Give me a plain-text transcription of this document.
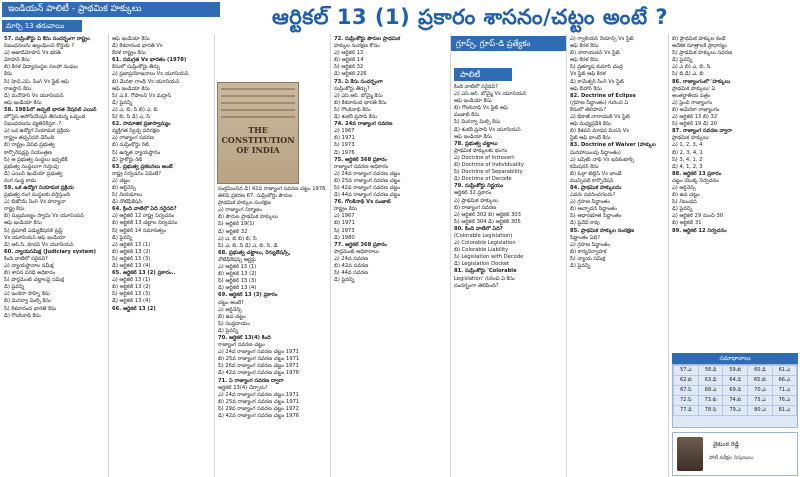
ఇండియన్ పాలిటీ - ప్రాథమిక హక్కులు	ఆర్టికల్ 13 (1) ప్రకారం శాసనం/చట్టం అంటే ?
మార్చి 13 తరువాయి
గ్రూప్స్, గ్రూప్-డి ప్రత్యేకం
పాలిటీ

57. సుప్రీంకోర్టు ఏ కేసు సందర్భంగా రాష్ట్రం

నిబంధనలను ఉల్లంఘించి కోర్టుకు ?

ఎ) ఆజాదీమోహన్ Vs భరత్

మోహన్ కేసు

బి) కేరళ విద్యాసంస్థల సలహా సంఘం

కేసు

సి) హెచ్.ఎస్. సింగ్ Vs స్టేట్ ఆఫ్

రాజస్థాన్ కేసు

డి) మనోహర్ Vs యూనియన్

ఆఫ్ ఇండియా కేసు

58. 1981లో అప్పటి భారత నేషనల్ ఎయిర్

హోస్టెస్ అసోసియేషన్ తీసుకున్న ఒప్పంద

నిబంధనలను వ్యతిరేకిస్తూ..?

ఎ) ఒక ఉద్యోగ నియామక ప్రక్రియ

రాష్ట్రం తప్పనిసరి చేసింది

బి) రాష్ట్రం వివిధ ప్రభుత్వ

కార్పొరేషన్లపై నియంత్రణ

సి) ఆ ప్రభుత్వ సంస్థలు ఇప్పటికీ

ప్రభుత్వ సంస్థలుగా గుర్తింపు

డి) ఎయిర్ ఇండియా ప్రభుత్వ

రంగ సంస్థ కాదు

59. ఒక ఉద్యోగ నియామక ప్రక్రియ

ప్రభుత్వ రంగ సంస్థలకు వర్తిస్తుంది

ఎ) బిజోయ్ సింగ్ Vs హర్యానా

రాష్ట్ర కేసు

బి) సుబ్రమణ్యం స్వామి Vs యూనియన్

ఆఫ్ ఇండియా కేసు

సి) ప్రమాటి ఎడ్యుకేషనల్ ట్రస్ట్

Vs యూనియన్ ఆఫ్ ఇండియా

డి) ఆర్.సి. కూపర్ Vs యూనియన్

60. న్యాయసమీక్ష (Judiciary system)

కింది వాటిలో సరైనవి?

ఎ) న్యాయస్థానాల సమీక్ష

బి) శాసన పరిధి అధికారం

సి) పార్లమెంట్ చట్టాలపై సమీక్ష

డి) పైవన్నీ

ఎ) ఇందిరా సాహ్నీ కేసు

బి) మినర్వా మిల్స్ కేసు

సి) కేశవానంద భారతి కేసు

డి) గోలక్‌నాథ్ కేసు

ఆఫ్ ఇండియా కేసు

డి) కేశవానంద భారతి Vs

కేరళ రాష్ట్రం కేసు

61. సమగ్రత Vs భారతం (1978)

కేసులో సుప్రీంకోర్టు తీర్పు

ఎ) ప్రజాప్రయోజనాలు Vs యూనియన్

బి) మేనకా గాంధీ Vs యూనియన్

ఆఫ్ ఇండియా కేసు

సి) ఎ.కె. గోపాలన్ Vs మద్రాస్

డి) పైవన్నీ

ఎ) ఎ, బి, సి బి) ఎ, బి

సి) బి, సి డి) ఎ, సి

62. సామాజిక ప్రజాస్వామ్యం

వ్యక్తిగత స్వేచ్ఛ పరిరక్షణ

ఎ) రాజ్యాంగ సవరణ

బి) సుప్రీంకోర్టు రిట్

సి) ఉన్నత న్యాయస్థానం

డి) హైకోర్టు రిట్

63. ప్రభుత్వ ప్రకటనలు అంటే

రాష్ట్ర నిర్వచనం ఏమిటి?

ఎ) చట్టం

బి) ఆర్డినెన్స్

సి) నియమాలు

డి) నోటిఫికేషన్

64. క్రింది వాటిలో ఏది సరైనది?

ఎ) ఆర్టికల్ 12 రాష్ట్ర నిర్వచనం

బి) ఆర్టికల్ 13 చట్టాల నిర్వచనం

సి) ఆర్టికల్ 14 సమానత్వం

డి) పైవన్నీ

ఎ) ఆర్టికల్ 13 (1)

బి) ఆర్టికల్ 13 (2)

సి) ఆర్టికల్ 13 (3)

డి) ఆర్టికల్ 13 (4)

65. ఆర్టికల్ 13 (2) ప్రకారం..

ఎ) ఆర్టికల్ 13 (1)

బి) ఆర్టికల్ 13 (2)

సి) ఆర్టికల్ 13 (3)

డి) ఆర్టికల్ 13 (4)

66. ఆర్టికల్ 13 (2)

THE CONSTITUTION OF INDIA

సంక్రమించిన డి) 42వ రాజ్యాంగ సవరణ చట్టం 1976

తెలిపే ప్రకరణ 67. సుప్రీంకోర్టు పౌరుల

ప్రాథమిక హక్కుల సంరక్షణ

ఎ) రాజ్యాంగ నిర్మాణం

బి) పౌరుల ప్రాథమిక హక్కులు

సి) ఆర్టికల్ 19(1)

డి) ఆర్టికల్ 32

ఎ) ఎ, బి బి) బి, సి

సి) ఎ, బి, సి డి) ఎ, బి, సి, డి

68. ప్రభుత్వ చట్టాలు, రెగ్యులేషన్స్,

నోటిఫికేషన్స్ ఆర్డర్లు

ఎ) ఆర్టికల్ 13 (1)

బి) ఆర్టికల్ 13 (2)

సి) ఆర్టికల్ 13 (3)

డి) ఆర్టికల్ 13 (4)

69. ఆర్టికల్ 13 (3) ప్రకారం

చట్టం అంటే?

ఎ) ఆర్డినెన్స్

బి) ఉప చట్టం

సి) సంప్రదాయం

డి) పైవన్నీ

70. ఆర్టికల్ 13(4) కింది

రాజ్యాంగ సవరణ చట్టం

ఎ) 24వ రాజ్యాంగ సవరణ చట్టం 1971

బి) 25వ రాజ్యాంగ సవరణ చట్టం 1971

సి) 26వ రాజ్యాంగ సవరణ చట్టం 1971

డి) 42వ రాజ్యాంగ సవరణ చట్టం 1976

71. ఏ రాజ్యాంగ సవరణ ద్వారా

ఆర్టికల్ 13(4) చేర్చారు?

ఎ) 24వ రాజ్యాంగ సవరణ చట్టం 1971

బి) 25వ రాజ్యాంగ సవరణ చట్టం 1971

సి) 29వ రాజ్యాంగ సవరణ చట్టం 1972

డి) 42వ రాజ్యాంగ సవరణ చట్టం 1976

72. సుప్రీంకోర్టు పౌరుల ప్రాథమిక

హక్కుల సంరక్షణ కోసం

ఎ) ఆర్టికల్ 13

బి) ఆర్టికల్ 14

సి) ఆర్టికల్ 32

డి) ఆర్టికల్ 226

73. ఏ కేసు సందర్భంగా

సుప్రీంకోర్టు తీర్పు?

ఎ) ఎస్.ఆర్. బొమ్మై కేసు

బి) కేశవానంద భారతి కేసు

సి) గోలక్‌నాథ్ కేసు

డి) శంకరీ ప్రసాద్ కేసు

74. 24వ రాజ్యాంగ సవరణ

ఎ) 1967

బి) 1971

సి) 1973

డి) 1976

75. ఆర్టికల్ 368 ప్రకారం

రాజ్యాంగ సవరణ అధికారం

ఎ) 24వ రాజ్యాంగ సవరణ చట్టం

బి) 25వ రాజ్యాంగ సవరణ చట్టం

సి) 42వ రాజ్యాంగ సవరణ చట్టం

డి) 44వ రాజ్యాంగ సవరణ చట్టం

76. గోలక్‌నాథ్ Vs పంజాబ్

రాష్ట్రం కేసు

ఎ) 1967

బి) 1971

సి) 1973

డి) 1980

77. ఆర్టికల్ 368 ప్రకారం

పార్లమెంట్ అధికారాలు

ఎ) 24వ సవరణ

బి) 42వ సవరణ

సి) 44వ సవరణ

డి) పైవన్నీ

కింది వాటిలో సరైనవి?

ఎ) ఎస్.ఆర్. బొమ్మై Vs యూనియన్

ఆఫ్ ఇండియా కేసు

బి) గోలక్‌నాథ్ Vs స్టేట్ ఆఫ్

పంజాబ్ కేసు

సి) మినర్వా మిల్స్ కేసు

డి) శంకరీ ప్రసాద్ Vs యూనియన్

ఆఫ్ ఇండియా కేసు

78. ప్రభుత్వ చట్టాలు

ప్రాథమిక హక్కులకు భంగం

ఎ) Doctrine of Introvert

బి) Doctrine of Individuality

సి) Doctrine of Separability

డి) Doctrine of Decode

79. సుప్రీంకోర్టు నిర్ణయం

ఆర్టికల్ 32 ప్రకారం

ఎ) ప్రాథమిక హక్కులు

బి) రాజ్యాంగ సవరణ

ఎ) ఆర్టికల్ 302 బి) ఆర్టికల్ 303

సి) ఆర్టికల్ 304 డి) ఆర్టికల్ 305

80. కింది వాటిలో ఏది?

(Colorable Legislation)

ఎ) Colorable Legislation

బి) Colorable Liability

సి) Legislation with Decode

డి) Legislation Docket

81. సుప్రీంకోర్టు 'Colorable

Legislation' గురించి ఏ కేసు

సందర్భంగా తెలిపింది?

ఎ) గ్వాలియర్ రేయాన్స్ Vs స్టేట్

ఆఫ్ కేరళ కేసు

బి) నారాయణన్ Vs స్టేట్

ఆఫ్ కేరళ కేసు

సి) ప్రత్యూష కుమార్ చంద్ర

Vs స్టేట్ ఆఫ్ కేరళ

డి) కామేశ్వర్ సింగ్ Vs స్టేట్

ఆఫ్ బీహార్ కేసు

82. Doctrine of Eclipse

(గ్రహణ సిద్ధాంతం) గురించి ఏ

కేసులో తెలిపారు?

ఎ) భికాజీ నారాయణ్ Vs స్టేట్

ఆఫ్ మధ్యప్రదేశ్ కేసు

బి) కేశవన్ మాధవ మీనన్ Vs

స్టేట్ ఆఫ్ బాంబే కేసు

83. Doctrine of Waiver (హక్కుల

మినహాయింపు సిద్ధాంతం)

ఎ) బషేశర్ నాథ్ Vs ఇన్‌కంటాక్స్

కమిషనర్ కేసు

బి) ఓల్గా టెల్లిస్ Vs బాంబే

మున్సిపల్ కార్పొరేషన్

84. ప్రాథమిక హక్కులను

ఎవరు సవరించగలరు?

ఎ) గ్రహణ సిద్ధాంతం

బి) ఆచ్ఛాదన సిద్ధాంతం

సి) ఆధారభూత సిద్ధాంతం

డి) పైవేవీ కావు

85. ప్రాథమిక హక్కుల సంరక్షణ

సిద్ధాంతం ఏది?

ఎ) గ్రహణ సిద్ధాంతం

బి) కార్యనిర్వాహక

సి) న్యాయ సమీక్ష

డి) పైవన్నీ

బి) ప్రాథమిక హక్కుల కంటే

ఆదేశిక సూత్రాలకే ప్రాధాన్యం

సి) ప్రాథమిక హక్కులు సవరణ

డి) పైవన్నీ

ఎ) ఎ బి) ఎ, బి, సి

సి) బి డి) ఎ, బి

86. రాజ్యాంగంలో 'హక్కులు

ప్రాథమిక హక్కులు' ఏ

అంతర్జాతీయ పత్రం

ఎ) ఫ్రెంచ్ రాజ్యాంగం

బి) అమెరికా రాజ్యాంగం

ఎ) ఆర్టికల్ 13 బి) 32

సి) ఆర్టికల్ 19 డి) 20

87. రాజ్యాంగ సవరణ ద్వారా

ప్రాథమిక హక్కులు

ఎ) 1, 2, 3, 4

బి) 2, 3, 4, 1

సి) 3, 4, 1, 2

డి) 4, 1, 2, 3

88. ఆర్టికల్ 13 ప్రకారం

చట్టం యొక్క నిర్వచనం

ఎ) ఆర్డినెన్స్

బి) ఉప చట్టం

సి) నిబంధన

డి) పైవన్నీ

ఎ) ఆర్టికల్ 29 నుంచి 30

బి) ఆర్టికల్ 31

89. ఆర్టికల్ 12 నిర్వచనం

సమాధానాలు
57.ఎ	58.డి	59.బి	60.డి	61.ఎ
62.బి	63.డి	64.డి	65.బి	66.ఎ
67.సి	68.ఎ	69.డి	70.ఎ	71.ఎ
72.సి	73.బి	74.బి	75.ఎ	76.ఎ
77.డి	78.సి	79.ఎ	80.ఎ	81.ఎ
వైకుంఠ రెడ్డి
పోటీ పరీక్షల నిపుణులు
